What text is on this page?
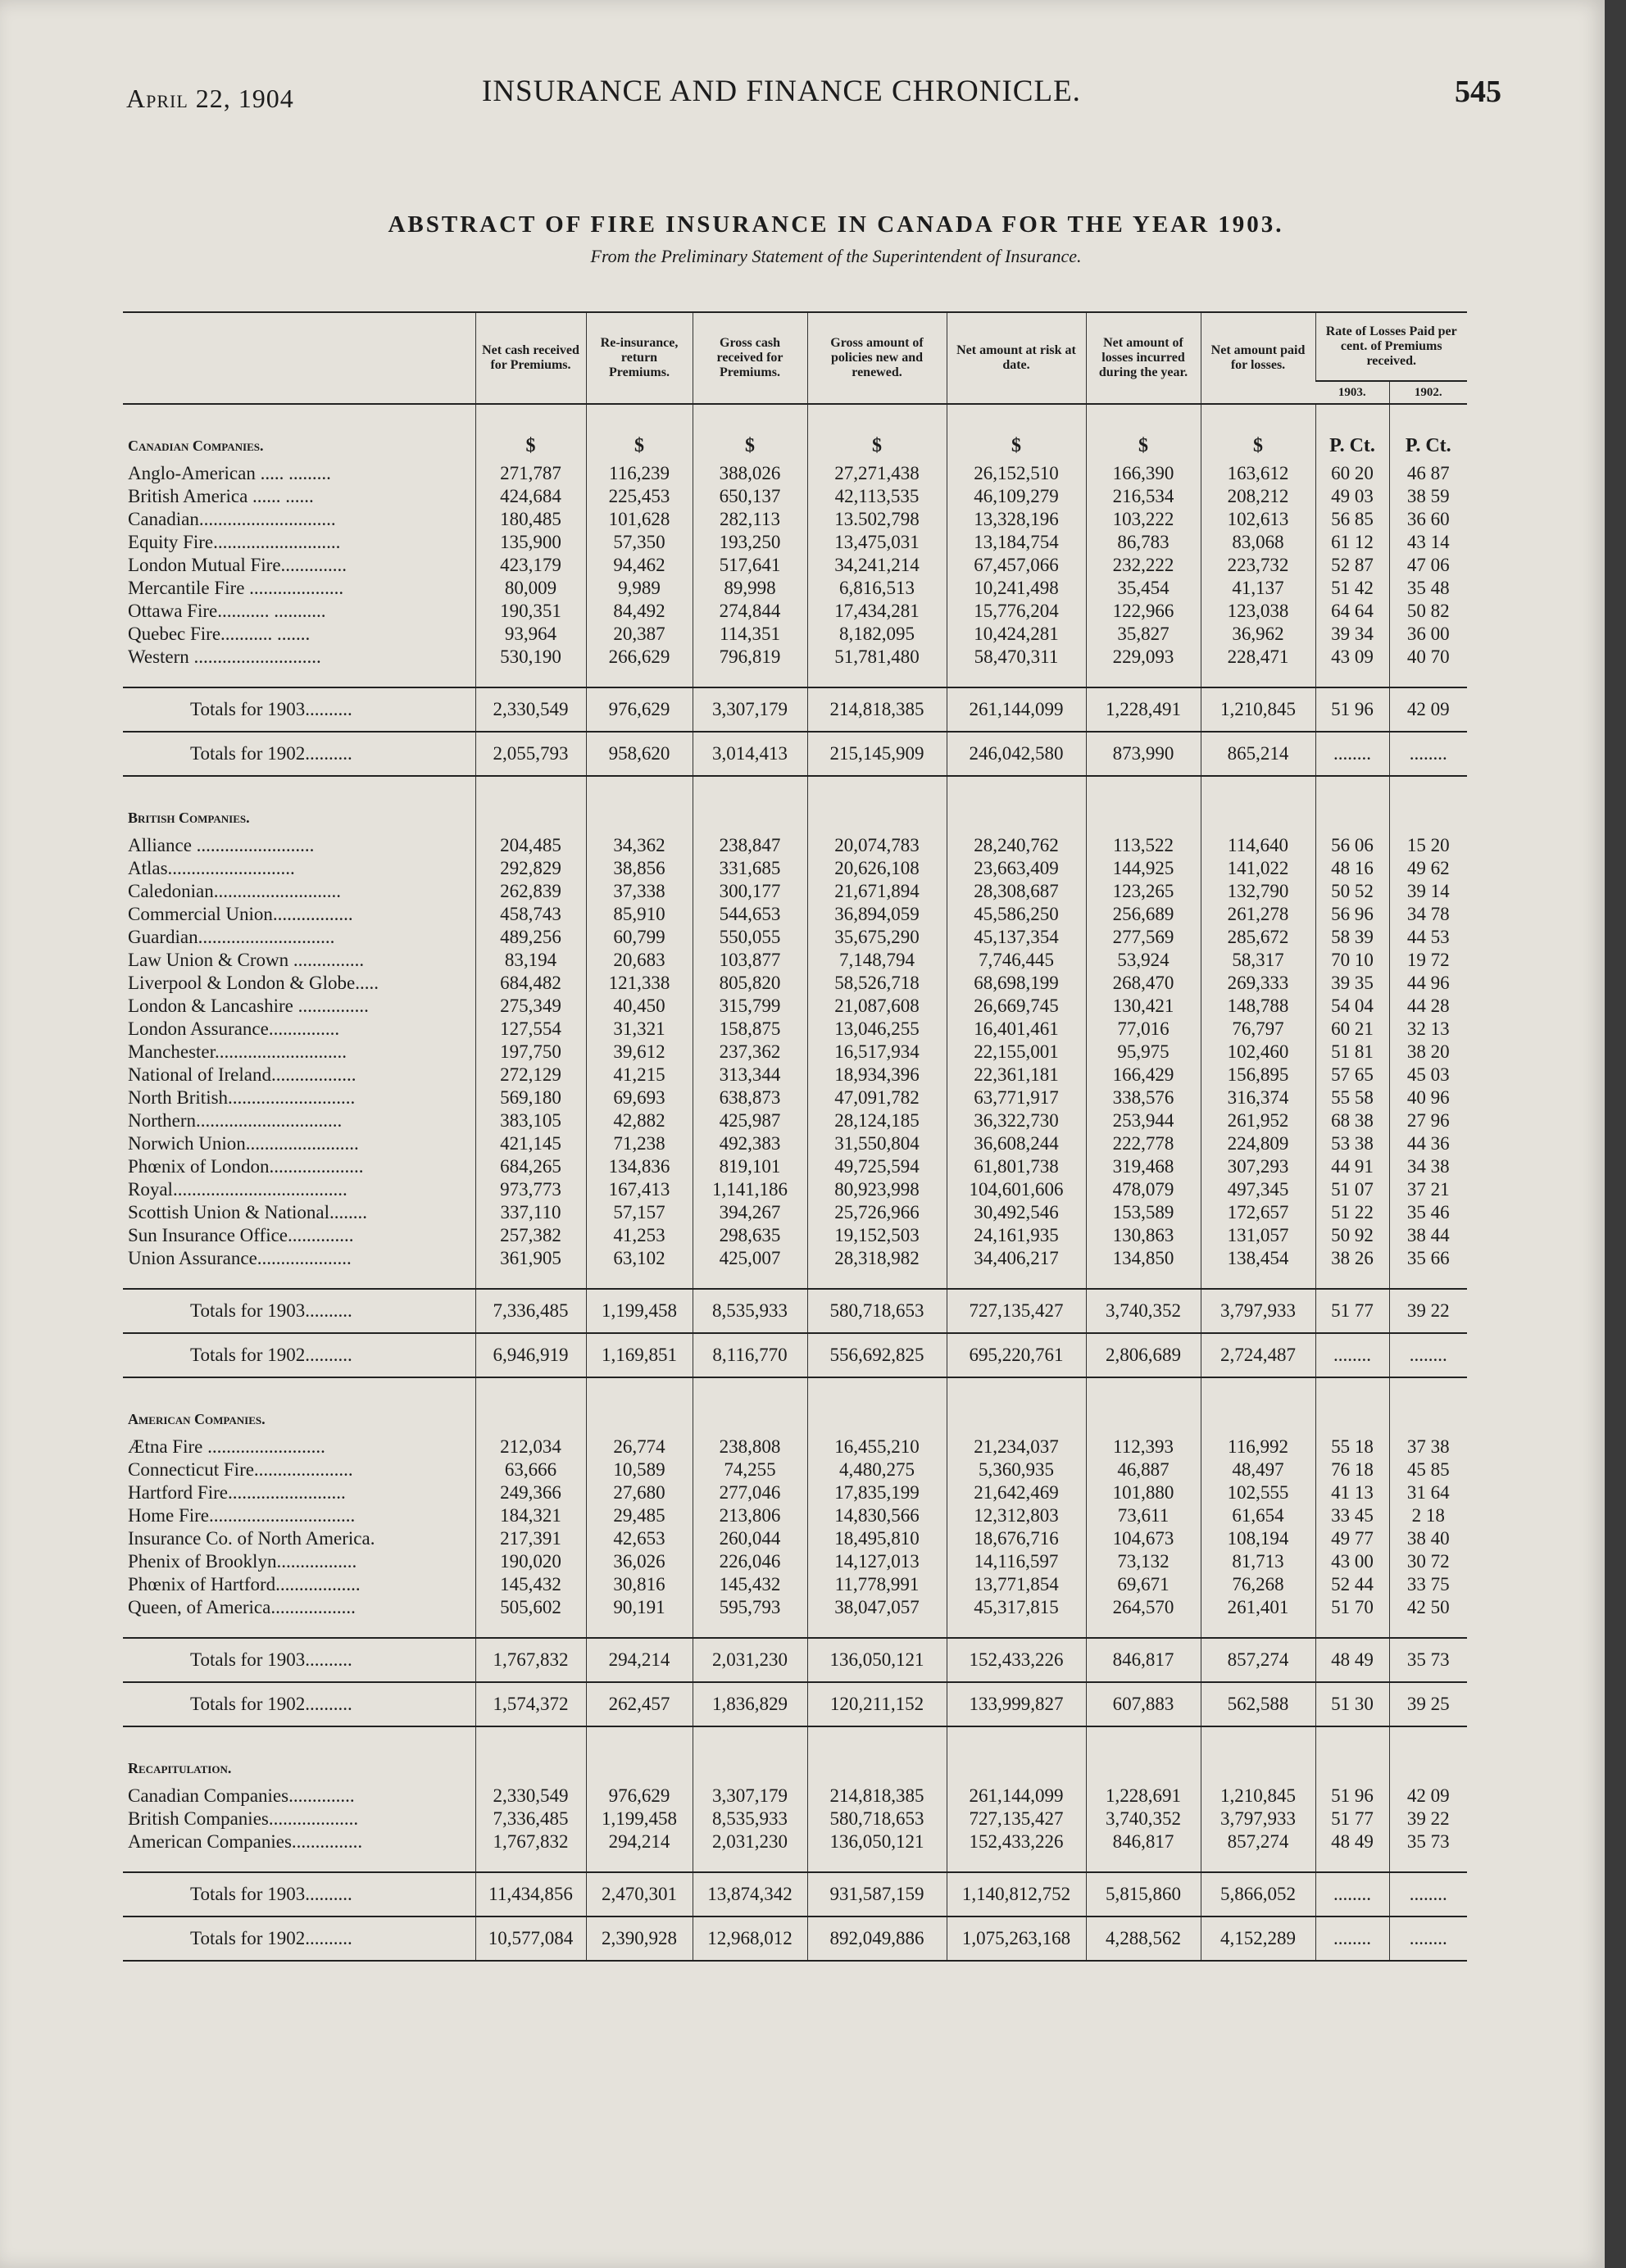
April 22, 1904	INSURANCE AND FINANCE CHRONICLE.	545
ABSTRACT OF FIRE INSURANCE IN CANADA FOR THE YEAR 1903.
From the Preliminary Statement of the Superintendent of Insurance.
	Net cash received for Premiums.	Re-insurance, return Premiums.	Gross cash received for Premiums.	Gross amount of policies new and renewed.	Net amount at risk at date.	Net amount of losses incurred during the year.	Net amount paid for losses.	Rate of Losses Paid per cent. of Premiums received.	
								1903.	1902.
Canadian Companies.	$	$	$	$	$	$	$	P. Ct.	P. Ct.
Anglo-American ..... .........	271,787	116,239	388,026	27,271,438	26,152,510	166,390	163,612	60 20	46 87
British America ...... ......	424,684	225,453	650,137	42,113,535	46,109,279	216,534	208,212	49 03	38 59
Canadian.............................	180,485	101,628	282,113	13.502,798	13,328,196	103,222	102,613	56 85	36 60
Equity Fire...........................	135,900	57,350	193,250	13,475,031	13,184,754	86,783	83,068	61 12	43 14
London Mutual Fire..............	423,179	94,462	517,641	34,241,214	67,457,066	232,222	223,732	52 87	47 06
Mercantile Fire ....................	80,009	9,989	89,998	6,816,513	10,241,498	35,454	41,137	51 42	35 48
Ottawa Fire........... ...........	190,351	84,492	274,844	17,434,281	15,776,204	122,966	123,038	64 64	50 82
Quebec Fire........... .......	93,964	20,387	114,351	8,182,095	10,424,281	35,827	36,962	39 34	36 00
Western ...........................	530,190	266,629	796,819	51,781,480	58,470,311	229,093	228,471	43 09	40 70

Totals for 1903..........	2,330,549	976,629	3,307,179	214,818,385	261,144,099	1,228,491	1,210,845	51 96	42 09
Totals for 1902..........	2,055,793	958,620	3,014,413	215,145,909	246,042,580	873,990	865,214	........	........
British Companies.									
Alliance .........................	204,485	34,362	238,847	20,074,783	28,240,762	113,522	114,640	56 06	15 20
Atlas...........................	292,829	38,856	331,685	20,626,108	23,663,409	144,925	141,022	48 16	49 62
Caledonian...........................	262,839	37,338	300,177	21,671,894	28,308,687	123,265	132,790	50 52	39 14
Commercial Union.................	458,743	85,910	544,653	36,894,059	45,586,250	256,689	261,278	56 96	34 78
Guardian.............................	489,256	60,799	550,055	35,675,290	45,137,354	277,569	285,672	58 39	44 53
Law Union & Crown ...............	83,194	20,683	103,877	7,148,794	7,746,445	53,924	58,317	70 10	19 72
Liverpool & London & Globe.....	684,482	121,338	805,820	58,526,718	68,698,199	268,470	269,333	39 35	44 96
London & Lancashire ...............	275,349	40,450	315,799	21,087,608	26,669,745	130,421	148,788	54 04	44 28
London Assurance...............	127,554	31,321	158,875	13,046,255	16,401,461	77,016	76,797	60 21	32 13
Manchester............................	197,750	39,612	237,362	16,517,934	22,155,001	95,975	102,460	51 81	38 20
National of Ireland..................	272,129	41,215	313,344	18,934,396	22,361,181	166,429	156,895	57 65	45 03
North British...........................	569,180	69,693	638,873	47,091,782	63,771,917	338,576	316,374	55 58	40 96
Northern...............................	383,105	42,882	425,987	28,124,185	36,322,730	253,944	261,952	68 38	27 96
Norwich Union........................	421,145	71,238	492,383	31,550,804	36,608,244	222,778	224,809	53 38	44 36
Phœnix of London....................	684,265	134,836	819,101	49,725,594	61,801,738	319,468	307,293	44 91	34 38
Royal.....................................	973,773	167,413	1,141,186	80,923,998	104,601,606	478,079	497,345	51 07	37 21
Scottish Union & National........	337,110	57,157	394,267	25,726,966	30,492,546	153,589	172,657	51 22	35 46
Sun Insurance Office..............	257,382	41,253	298,635	19,152,503	24,161,935	130,863	131,057	50 92	38 44
Union Assurance....................	361,905	63,102	425,007	28,318,982	34,406,217	134,850	138,454	38 26	35 66

Totals for 1903..........	7,336,485	1,199,458	8,535,933	580,718,653	727,135,427	3,740,352	3,797,933	51 77	39 22
Totals for 1902..........	6,946,919	1,169,851	8,116,770	556,692,825	695,220,761	2,806,689	2,724,487	........	........
American Companies.									
Ætna Fire .........................	212,034	26,774	238,808	16,455,210	21,234,037	112,393	116,992	55 18	37 38
Connecticut Fire.....................	63,666	10,589	74,255	4,480,275	5,360,935	46,887	48,497	76 18	45 85
Hartford Fire.........................	249,366	27,680	277,046	17,835,199	21,642,469	101,880	102,555	41 13	31 64
Home Fire...............................	184,321	29,485	213,806	14,830,566	12,312,803	73,611	61,654	33 45	2 18
Insurance Co. of North America.	217,391	42,653	260,044	18,495,810	18,676,716	104,673	108,194	49 77	38 40
Phenix of Brooklyn.................	190,020	36,026	226,046	14,127,013	14,116,597	73,132	81,713	43 00	30 72
Phœnix of Hartford..................	145,432	30,816	145,432	11,778,991	13,771,854	69,671	76,268	52 44	33 75
Queen, of America..................	505,602	90,191	595,793	38,047,057	45,317,815	264,570	261,401	51 70	42 50

Totals for 1903..........	1,767,832	294,214	2,031,230	136,050,121	152,433,226	846,817	857,274	48 49	35 73
Totals for 1902..........	1,574,372	262,457	1,836,829	120,211,152	133,999,827	607,883	562,588	51 30	39 25
Recapitulation.									
Canadian Companies..............	2,330,549	976,629	3,307,179	214,818,385	261,144,099	1,228,691	1,210,845	51 96	42 09
British Companies...................	7,336,485	1,199,458	8,535,933	580,718,653	727,135,427	3,740,352	3,797,933	51 77	39 22
American Companies...............	1,767,832	294,214	2,031,230	136,050,121	152,433,226	846,817	857,274	48 49	35 73

Totals for 1903..........	11,434,856	2,470,301	13,874,342	931,587,159	1,140,812,752	5,815,860	5,866,052	........	........
Totals for 1902..........	10,577,084	2,390,928	12,968,012	892,049,886	1,075,263,168	4,288,562	4,152,289	........	........
